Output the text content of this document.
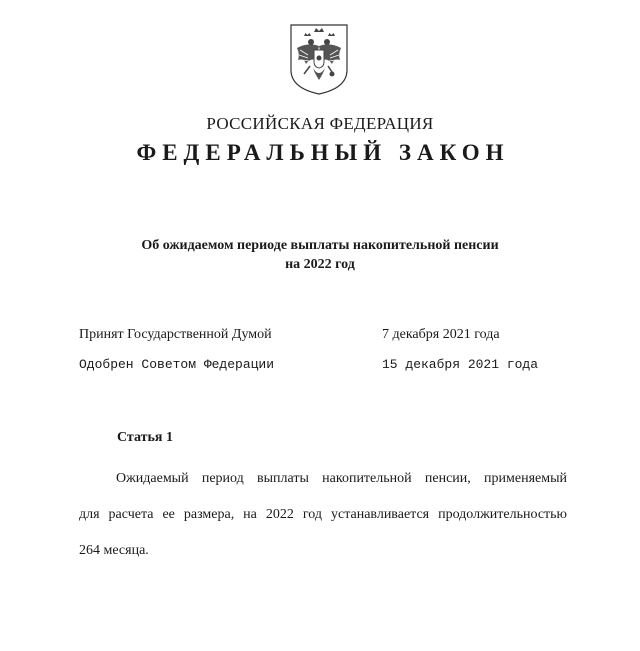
РОССИЙСКАЯ ФЕДЕРАЦИЯ
ФЕДЕРАЛЬНЫЙ ЗАКОН
Об ожидаемом периоде выплаты накопительной пенсии
на 2022 год
Принят Государственной Думой	7 декабря 2021 года
Одобрен Советом Федерации	15 декабря 2021 года
Статья 1
Ожидаемый период выплаты накопительной пенсии, применяемый
для расчета ее размера, на 2022 год устанавливается продолжительностью
264 месяца.
